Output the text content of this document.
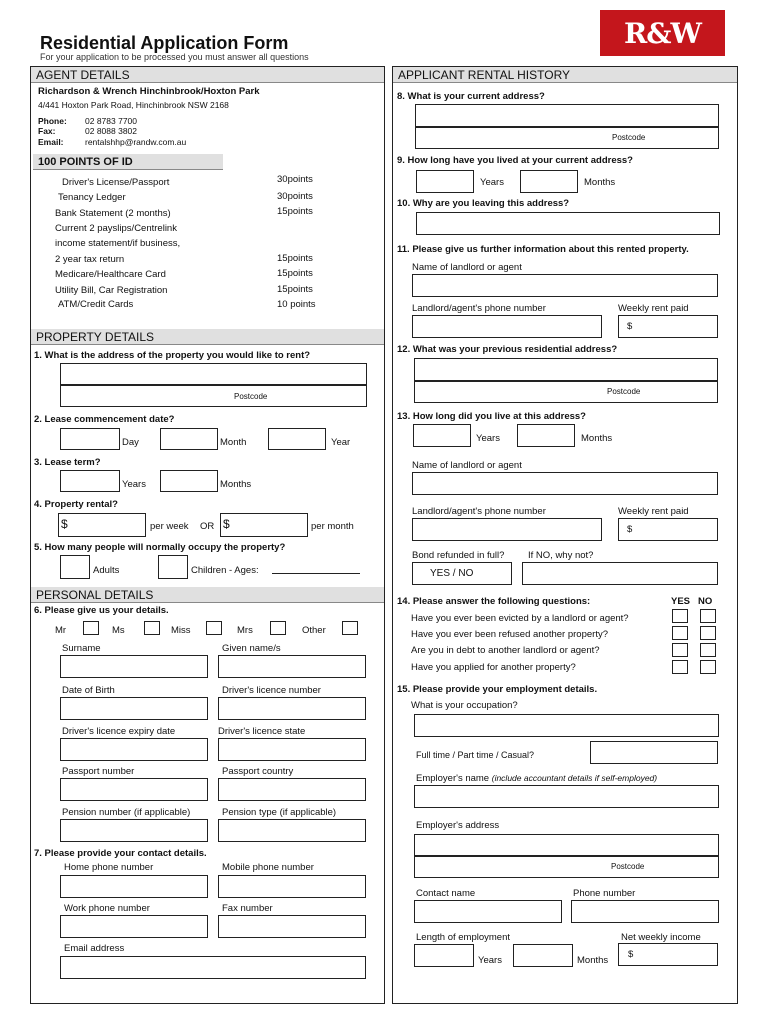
Residential Application Form
For your application to be processed you must answer all questions
R&W
AGENT DETAILS
Richardson & Wrench Hinchinbrook/Hoxton Park
4/441 Hoxton Park Road, Hinchinbrook NSW 2168
Phone: 02 8783 7700
Fax:	02 8088 3802
Email:	rentalshhp@randw.com.au
100 POINTS OF ID
Driver's License/Passport	30points
Tenancy Ledger	30points
Bank Statement (2 months)	15points
Current 2 payslips/Centrelink
income statement/if business,
2 year tax return	15points
Medicare/Healthcare Card	15points
Utility Bill, Car Registration	15points
ATM/Credit Cards	10 points
PROPERTY DETAILS
1. What is the address of the property you would like to rent?
Postcode
2. Lease commencement date?
Day	Month	Year
3. Lease term?
Years	Months
4. Property rental?
$	per week OR $	per month
5. How many people will normally occupy the property?
Adults	Children - Ages:
PERSONAL DETAILS
6. Please give us your details.
Mr	Ms	Miss	Mrs	Other
Surname	Given name/s
Date of Birth	Driver's licence number
Driver's licence expiry date	Driver's licence state
Passport number	Passport country
Pension number (if applicable)	Pension type (if applicable)
7. Please provide your contact details.
Home phone number	Mobile phone number
Work phone number	Fax number
Email address
APPLICANT RENTAL HISTORY
8. What is your current address?
Postcode
9. How long have you lived at your current address?
Years	Months
10. Why are you leaving this address?
11. Please give us further information about this rented property.
Name of landlord or agent
Landlord/agent's phone number	Weekly rent paid
$
12. What was your previous residential address?
Postcode
13. How long did you live at this address?
Years	Months
Name of landlord or agent
Landlord/agent's phone number	Weekly rent paid
$
Bond refunded in full? If NO, why not?
YES / NO
14. Please answer the following questions:	YES NO
Have you ever been evicted by a landlord or agent?
Have you ever been refused another property?
Are you in debt to another landlord or agent?
Have you applied for another property?
15. Please provide your employment details.
What is your occupation?
Full time / Part time / Casual?
Employer's name (include accountant details if self-employed)
Employer's address
Postcode
Contact name	Phone number
Length of employment	Net weekly income
Years	Months
$
